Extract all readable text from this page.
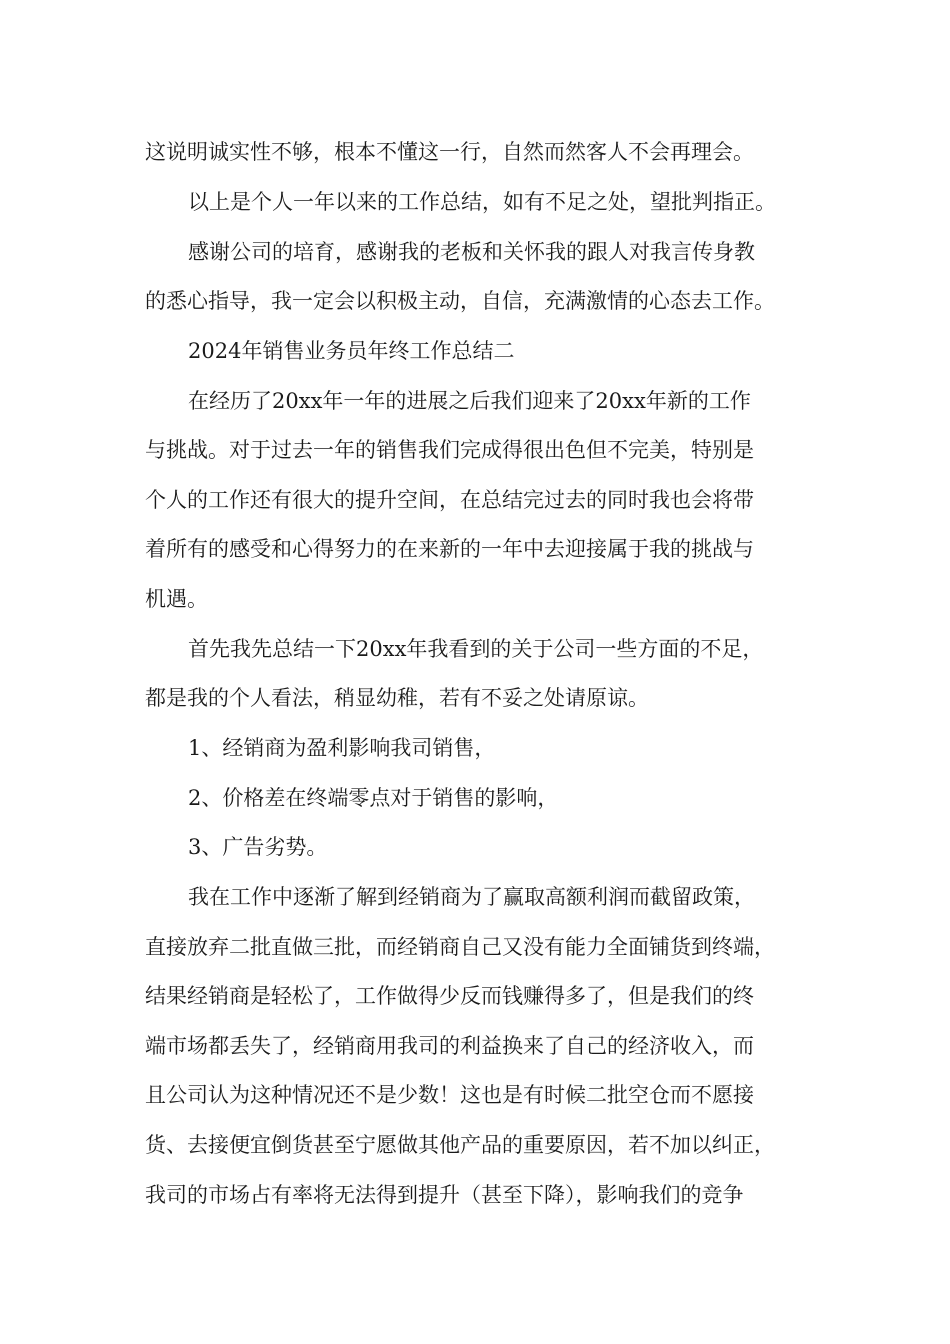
这说明诚实性不够，根本不懂这一行，自然而然客人不会再理会。

以上是个人一年以来的工作总结，如有不足之处，望批判指正。

感谢公司的培育，感谢我的老板和关怀我的跟人对我言传身教

的悉心指导，我一定会以积极主动，自信，充满激情的心态去工作。

2024年销售业务员年终工作总结二

在经历了20xx年一年的进展之后我们迎来了20xx年新的工作

与挑战。对于过去一年的销售我们完成得很出色但不完美，特别是

个人的工作还有很大的提升空间，在总结完过去的同时我也会将带

着所有的感受和心得努力的在来新的一年中去迎接属于我的挑战与

机遇。

首先我先总结一下20xx年我看到的关于公司一些方面的不足，

都是我的个人看法，稍显幼稚，若有不妥之处请原谅。

1、经销商为盈利影响我司销售，

2、价格差在终端零点对于销售的影响，

3、广告劣势。

我在工作中逐渐了解到经销商为了赢取高额利润而截留政策，

直接放弃二批直做三批，而经销商自己又没有能力全面铺货到终端，

结果经销商是轻松了，工作做得少反而钱赚得多了，但是我们的终

端市场都丢失了，经销商用我司的利益换来了自己的经济收入，而

且公司认为这种情况还不是少数！这也是有时候二批空仓而不愿接

货、去接便宜倒货甚至宁愿做其他产品的重要原因，若不加以纠正，

我司的市场占有率将无法得到提升（甚至下降），影响我们的竞争
